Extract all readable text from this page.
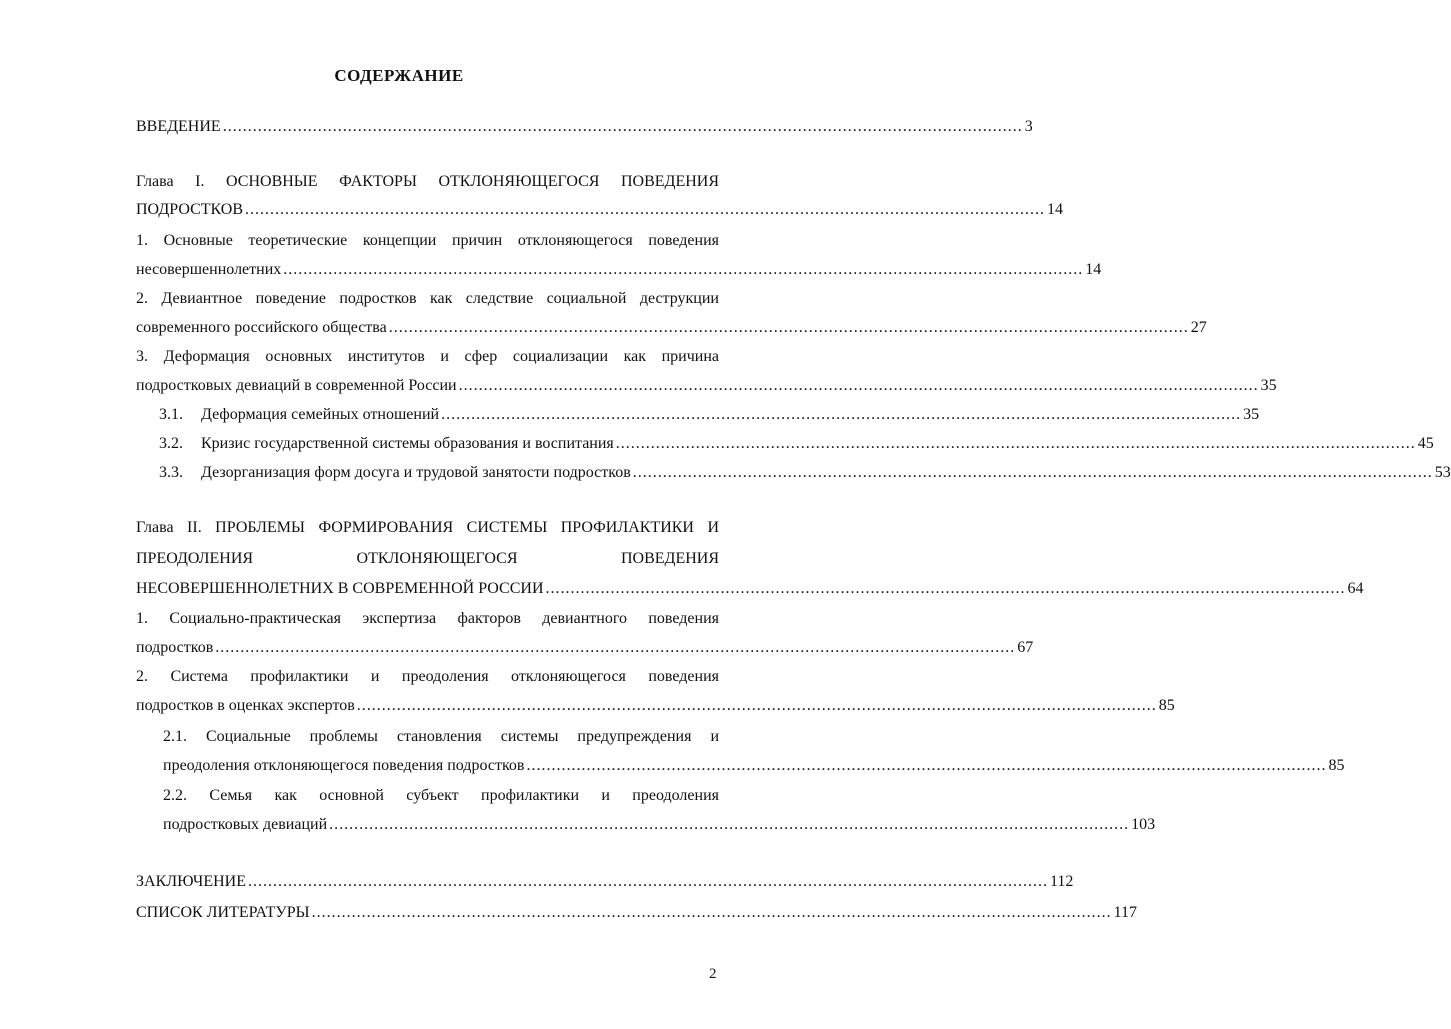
СОДЕРЖАНИЕ
ВВЕДЕНИЕ ................................................................................................................................................................ 3
Глава I. ОСНОВНЫЕ ФАКТОРЫ ОТКЛОНЯЮЩЕГОСЯ ПОВЕДЕНИЯ
ПОДРОСТКОВ ................................................................................................................................................................ 14
1. Основные теоретические концепции причин отклоняющегося поведения
несовершеннолетних ................................................................................................................................................................ 14
2. Девиантное поведение подростков как следствие социальной деструкции
современного российского общества ................................................................................................................................................................ 27
3. Деформация основных институтов и сфер социализации как причина
подростковых девиаций в современной России ................................................................................................................................................................ 35
3.1. Деформация семейных отношений ................................................................................................................................................................ 35
3.2. Кризис государственной системы образования и воспитания ................................................................................................................................................................ 45
3.3. Дезорганизация форм досуга и трудовой занятости подростков ................................................................................................................................................................ 53
Глава II. ПРОБЛЕМЫ ФОРМИРОВАНИЯ СИСТЕМЫ ПРОФИЛАКТИКИ И
ПРЕОДОЛЕНИЯ ОТКЛОНЯЮЩЕГОСЯ ПОВЕДЕНИЯ
НЕСОВЕРШЕННОЛЕТНИХ В СОВРЕМЕННОЙ РОССИИ ................................................................................................................................................................ 64
1. Социально-практическая экспертиза факторов девиантного поведения
подростков ................................................................................................................................................................ 67
2. Система профилактики и преодоления отклоняющегося поведения
подростков в оценках экспертов ................................................................................................................................................................ 85
2.1. Социальные проблемы становления системы предупреждения и
преодоления отклоняющегося поведения подростков ................................................................................................................................................................ 85
2.2. Семья как основной субъект профилактики и преодоления
подростковых девиаций ................................................................................................................................................................ 103
ЗАКЛЮЧЕНИЕ ................................................................................................................................................................ 112
СПИСОК ЛИТЕРАТУРЫ ................................................................................................................................................................ 117
2
